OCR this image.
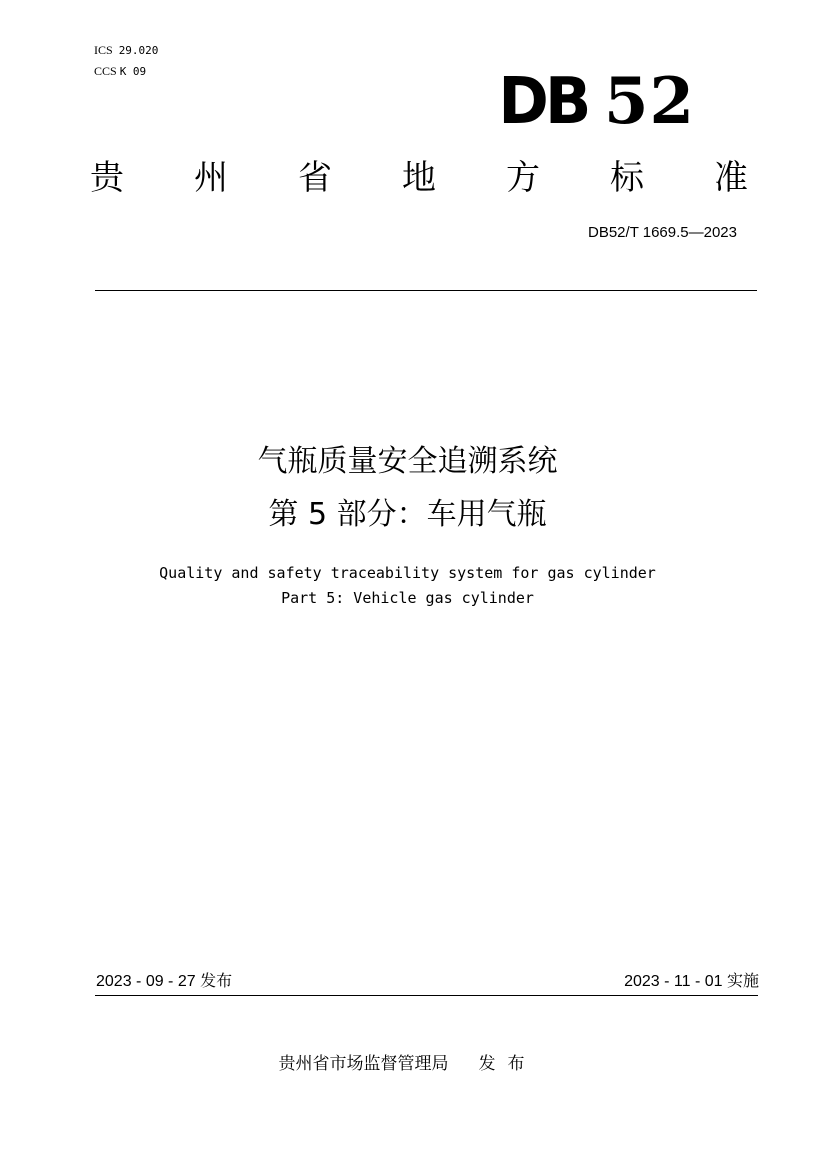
ICS 29.020
CCS K 09	DB 52
贵 州 省 地 方 标 准
DB52/T 1669.5—2023
气瓶质量安全追溯系统
第 5 部分：车用气瓶
Quality and safety traceability system for gas cylinder
Part 5: Vehicle gas cylinder
2023 - 09 - 27 发布	2023 - 11 - 01 实施
贵州省市场监督管理局 发布
